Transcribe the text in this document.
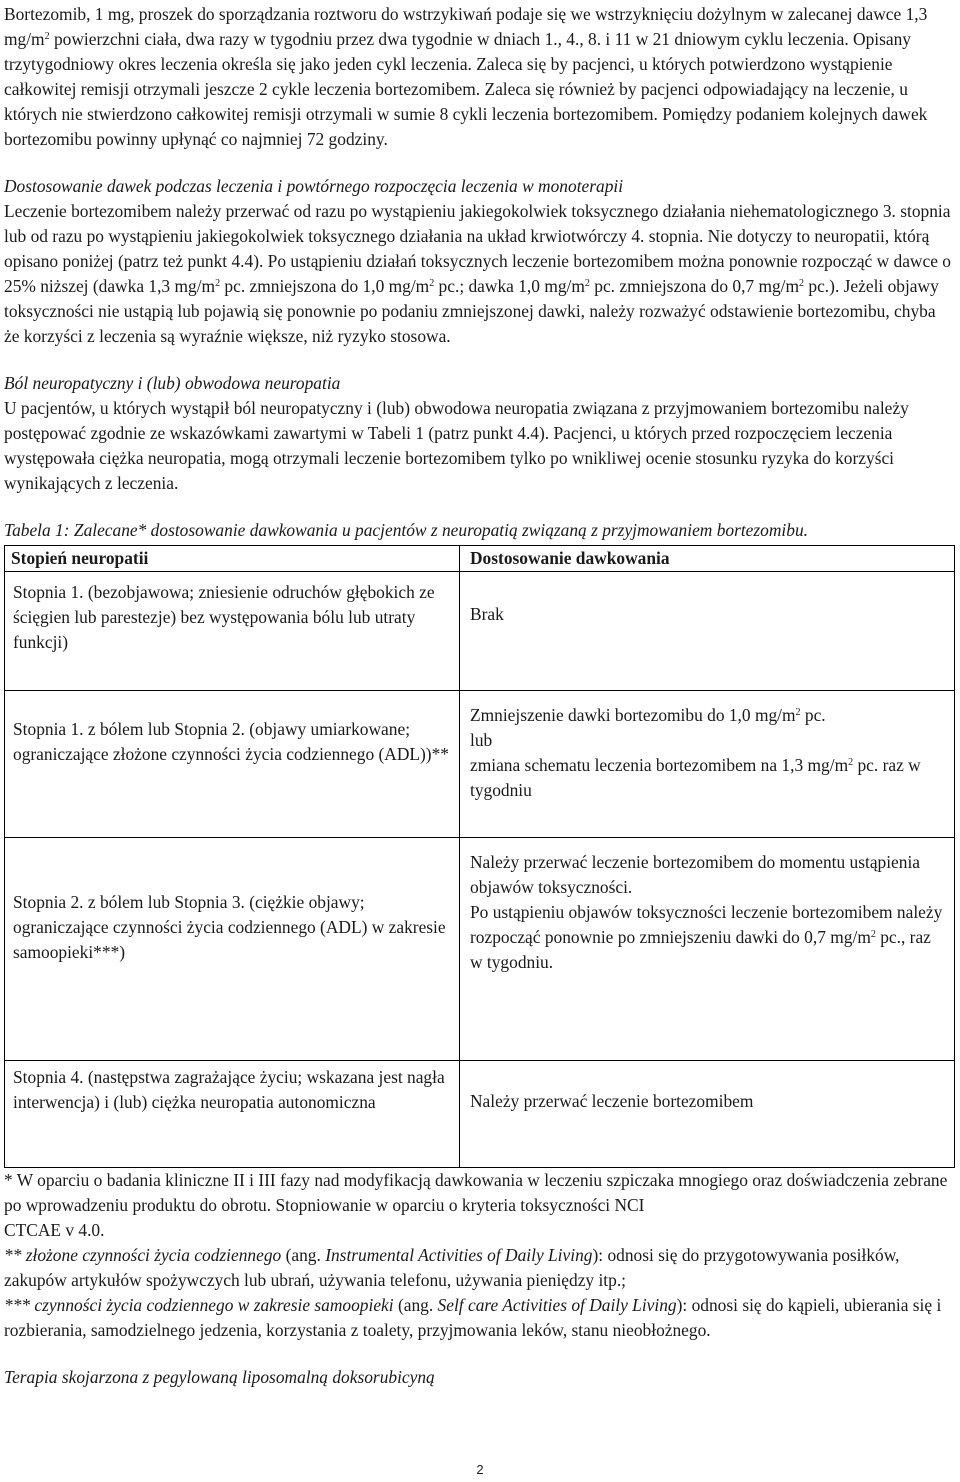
Bortezomib, 1 mg, proszek do sporządzania roztworu do wstrzykiwań podaje się we wstrzyknięciu dożylnym w zalecanej dawce 1,3 $mg/m^2$ powierzchni ciała, dwa razy w tygodniu przez dwa tygodnie w dniach 1., 4., 8. i 11 w 21 dniowym cyklu leczenia. Opisany trzytygodniowy okres leczenia określa się jako jeden cykl leczenia. Zaleca się by pacjenci, u których potwierdzono wystąpienie całkowitej remisji otrzymali jeszcze 2 cykle leczenia bortezomibem. Zaleca się również by pacjenci odpowiadający na leczenie, u których nie stwierdzono całkowitej remisji otrzymali w sumie 8 cykli leczenia bortezomibem. Pomiędzy podaniem kolejnych dawek bortezomibu powinny upłynąć co najmniej 72 godziny.

Dostosowanie dawek podczas leczenia i powtórnego rozpoczęcia leczenia w monoterapii

Leczenie bortezomibem należy przerwać od razu po wystąpieniu jakiegokolwiek toksycznego działania niehematologicznego 3. stopnia lub od razu po wystąpieniu jakiegokolwiek toksycznego działania na układ krwiotwórczy 4. stopnia. Nie dotyczy to neuropatii, którą opisano poniżej (patrz też punkt 4.4). Po ustąpieniu działań toksycznych leczenie bortezomibem można ponownie rozpocząć w dawce o 25% niższej (dawka 1,3 $mg/m^2$ pc. zmniejszona do 1,0 $mg/m^2$ pc.; dawka 1,0 $mg/m^2$ pc. zmniejszona do 0,7 $mg/m^2$ pc.). Jeżeli objawy toksyczności nie ustąpią lub pojawią się ponownie po podaniu zmniejszonej dawki, należy rozważyć odstawienie bortezomibu, chyba że korzyści z leczenia są wyraźnie większe, niż ryzyko stosowa.

Ból neuropatyczny i (lub) obwodowa neuropatia

U pacjentów, u których wystąpił ból neuropatyczny i (lub) obwodowa neuropatia związana z przyjmowaniem bortezomibu należy postępować zgodnie ze wskazówkami zawartymi w Tabeli 1 (patrz punkt 4.4). Pacjenci, u których przed rozpoczęciem leczenia występowała ciężka neuropatia, mogą otrzymali leczenie bortezomibem tylko po wnikliwej ocenie stosunku ryzyka do korzyści wynikających z leczenia.

Tabela 1: Zalecane* dostosowanie dawkowania u pacjentów z neuropatią związaną z przyjmowaniem bortezomibu.

Stopień neuropatii	Dostosowanie dawkowania
Stopnia 1. (bezobjawowa; zniesienie odruchów głębokich ze ścięgien lub parestezje) bez występowania bólu lub utraty funkcji)	Brak
Stopnia 1. z bólem lub Stopnia 2. (objawy umiarkowane; ograniczające złożone czynności życia codziennego (ADL))**	Zmniejszenie dawki bortezomibu do 1,0 $mg/m^2$ pc.
lub
zmiana schematu leczenia bortezomibem na 1,3 $mg/m^2$ pc. raz w tygodniu

Stopnia 2. z bólem lub Stopnia 3. (ciężkie objawy; ograniczające czynności życia codziennego (ADL) w zakresie samoopieki***)	Należy przerwać leczenie bortezomibem do momentu ustąpienia objawów toksyczności.
Po ustąpieniu objawów toksyczności leczenie bortezomibem należy rozpocząć ponownie po zmniejszeniu dawki do 0,7 $mg/m^2$ pc., raz w tygodniu.

Stopnia 4. (następstwa zagrażające życiu; wskazana jest nagła interwencja) i (lub) ciężka neuropatia autonomiczna	Należy przerwać leczenie bortezomibem

* W oparciu o badania kliniczne II i III fazy nad modyfikacją dawkowania w leczeniu szpiczaka mnogiego oraz doświadczenia zebrane po wprowadzeniu produktu do obrotu. Stopniowanie w oparciu o kryteria toksyczności NCI

CTCAE v 4.0.

** złożone czynności życia codziennego (ang. Instrumental Activities of Daily Living): odnosi się do przygotowywania posiłków, zakupów artykułów spożywczych lub ubrań, używania telefonu, używania pieniędzy itp.;

*** czynności życia codziennego w zakresie samoopieki (ang. Self care Activities of Daily Living): odnosi się do kąpieli, ubierania się i rozbierania, samodzielnego jedzenia, korzystania z toalety, przyjmowania leków, stanu nieobłożnego.

Terapia skojarzona z pegylowaną liposomalną doksorubicyną

2
